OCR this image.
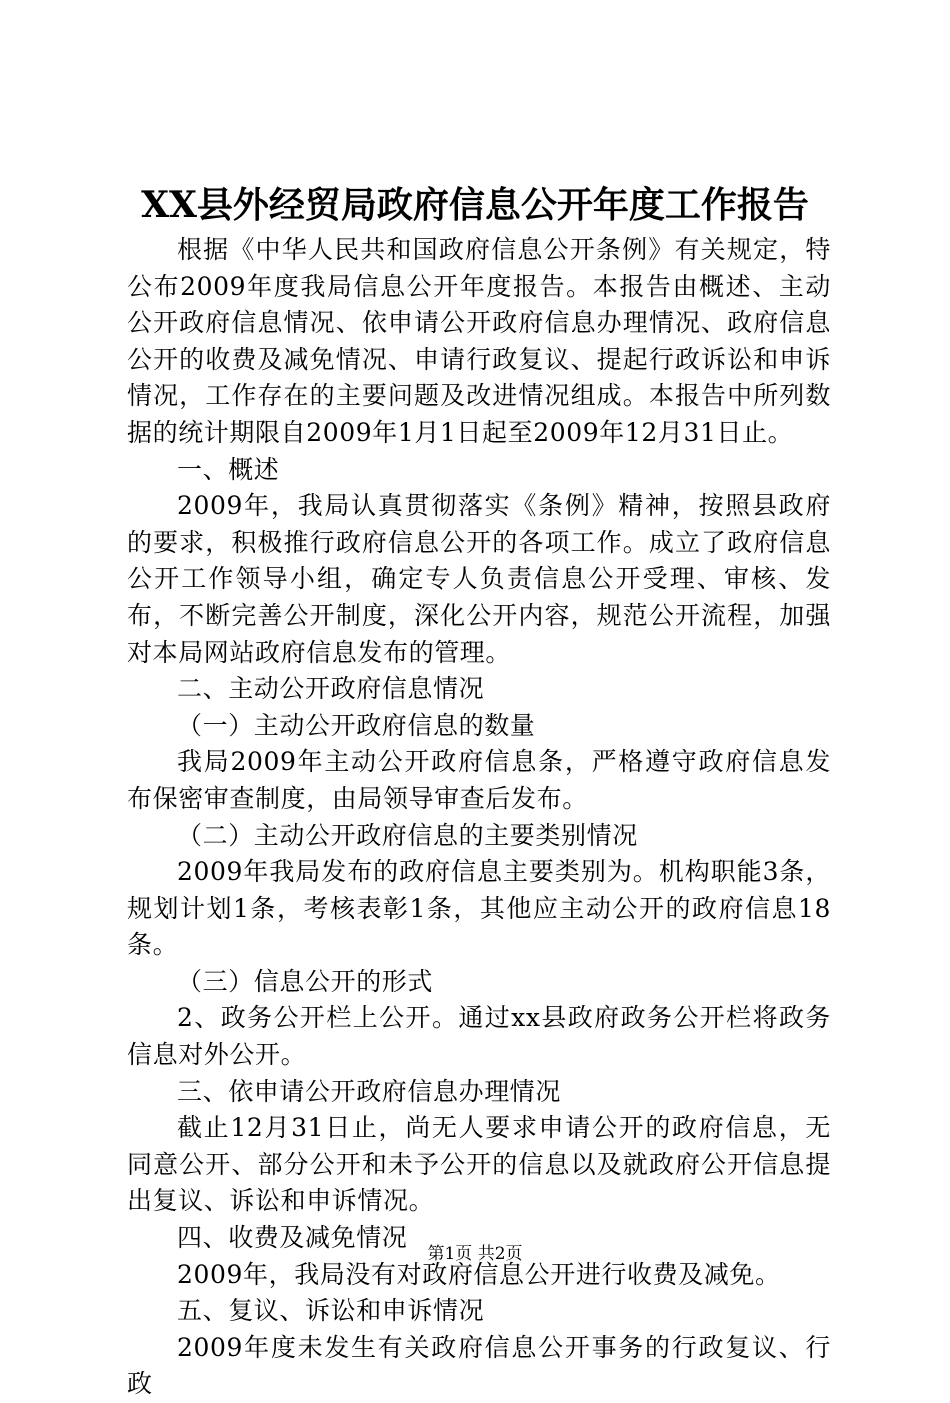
XX县外经贸局政府信息公开年度工作报告

根据《中华人民共和国政府信息公开条例》有关规定，特公布2009年度我局信息公开年度报告。本报告由概述、主动公开政府信息情况、依申请公开政府信息办理情况、政府信息公开的收费及减免情况、申请行政复议、提起行政诉讼和申诉情况，工作存在的主要问题及改进情况组成。本报告中所列数据的统计期限自2009年1月1日起至2009年12月31日止。

一、概述

2009年，我局认真贯彻落实《条例》精神，按照县政府的要求，积极推行政府信息公开的各项工作。成立了政府信息公开工作领导小组，确定专人负责信息公开受理、审核、发布，不断完善公开制度，深化公开内容，规范公开流程，加强对本局网站政府信息发布的管理。

二、主动公开政府信息情况

（一）主动公开政府信息的数量

我局2009年主动公开政府信息条，严格遵守政府信息发布保密审查制度，由局领导审查后发布。

（二）主动公开政府信息的主要类别情况

2009年我局发布的政府信息主要类别为。机构职能3条，规划计划1条，考核表彰1条，其他应主动公开的政府信息18条。

（三）信息公开的形式

2、政务公开栏上公开。通过xx县政府政务公开栏将政务信息对外公开。

三、依申请公开政府信息办理情况

截止12月31日止，尚无人要求申请公开的政府信息，无同意公开、部分公开和未予公开的信息以及就政府公开信息提出复议、诉讼和申诉情况。

四、收费及减免情况

2009年，我局没有对政府信息公开进行收费及减免。

五、复议、诉讼和申诉情况

2009年度未发生有关政府信息公开事务的行政复议、行政

第1页 共2页
